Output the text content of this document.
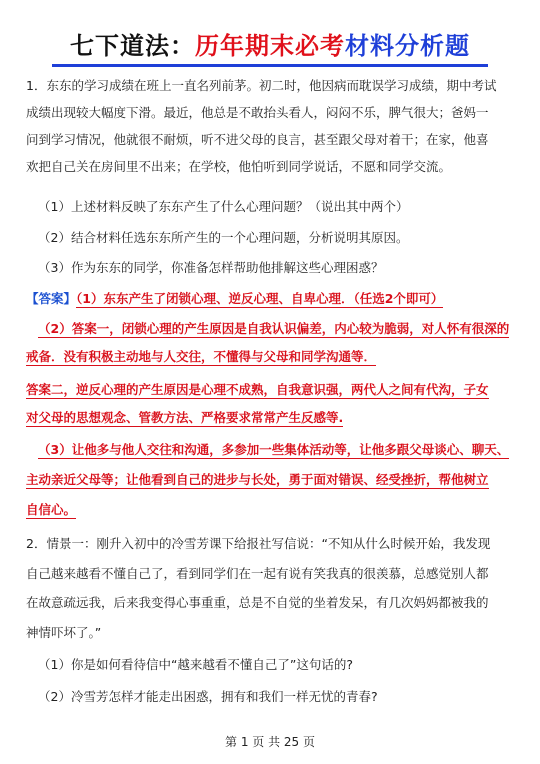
七下道法：历年期末必考材料分析题
1．东东的学习成绩在班上一直名列前茅。初二时，他因病而耽误学习成绩，期中考试
成绩出现较大幅度下滑。最近，他总是不敢抬头看人，闷闷不乐，脾气很大；爸妈一
问到学习情况，他就很不耐烦，听不进父母的良言，甚至跟父母对着干；在家，他喜
欢把自己关在房间里不出来；在学校，他怕听到同学说话，不愿和同学交流。
（1）上述材料反映了东东产生了什么心理问题？（说出其中两个）
（2）结合材料任选东东所产生的一个心理问题，分析说明其原因。
（3）作为东东的同学，你准备怎样帮助他排解这些心理困惑？
【答案】（1）东东产生了闭锁心理、逆反心理、自卑心理．（任选2个即可）
（2）答案一，闭锁心理的产生原因是自我认识偏差，内心较为脆弱，对人怀有很深的
戒备．没有积极主动地与人交往，不懂得与父母和同学沟通等．
答案二，逆反心理的产生原因是心理不成熟，自我意识强，两代人之间有代沟，子女
对父母的思想观念、管教方法、严格要求常常产生反感等.
（3）让他多与他人交往和沟通，多参加一些集体活动等，让他多跟父母谈心、聊天、
主动亲近父母等；让他看到自己的进步与长处，勇于面对错误、经受挫折，帮他树立
自信心。
2．情景一：刚升入初中的冷雪芳课下给报社写信说：“不知从什么时候开始，我发现
自己越来越看不懂自己了，看到同学们在一起有说有笑我真的很羡慕，总感觉别人都
在故意疏远我，后来我变得心事重重，总是不自觉的坐着发呆，有几次妈妈都被我的
神情吓坏了。”
（1）你是如何看待信中“越来越看不懂自己了”这句话的?
（2）冷雪芳怎样才能走出困惑，拥有和我们一样无忧的青春?
第 1 页 共 25 页
